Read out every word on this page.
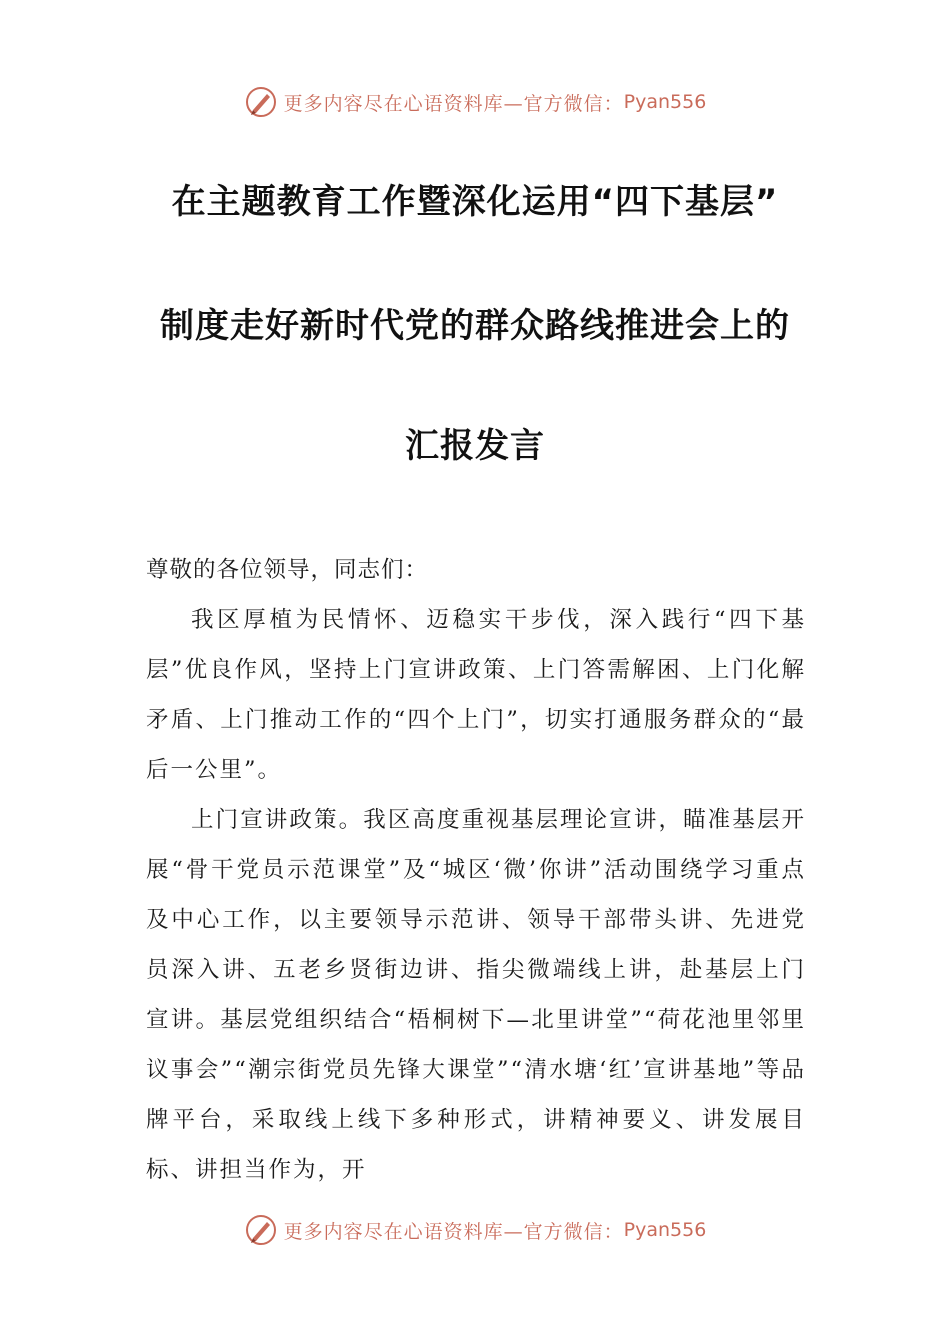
更多内容尽在心语资料库—官方微信： Pyan556
在主题教育工作暨深化运用“四下基层”
制度走好新时代党的群众路线推进会上的
汇报发言

尊敬的各位领导，同志们：

我区厚植为民情怀、迈稳实干步伐，深入践行“四下基层”优良作风，坚持上门宣讲政策、上门答需解困、上门化解矛盾、上门推动工作的“四个上门”，切实打通服务群众的“最后一公里”。

上门宣讲政策。我区高度重视基层理论宣讲，瞄准基层开展“骨干党员示范课堂”及“城区‘微’你讲”活动围绕学习重点及中心工作，以主要领导示范讲、领导干部带头讲、先进党员深入讲、五老乡贤街边讲、指尖微端线上讲，赴基层上门宣讲。基层党组织结合“梧桐树下—北里讲堂”“荷花池里邻里议事会”“潮宗街党员先锋大课堂”“清水塘‘红’宣讲基地”等品牌平台，采取线上线下多种形式，讲精神要义、讲发展目标、讲担当作为，开

更多内容尽在心语资料库—官方微信： Pyan556
